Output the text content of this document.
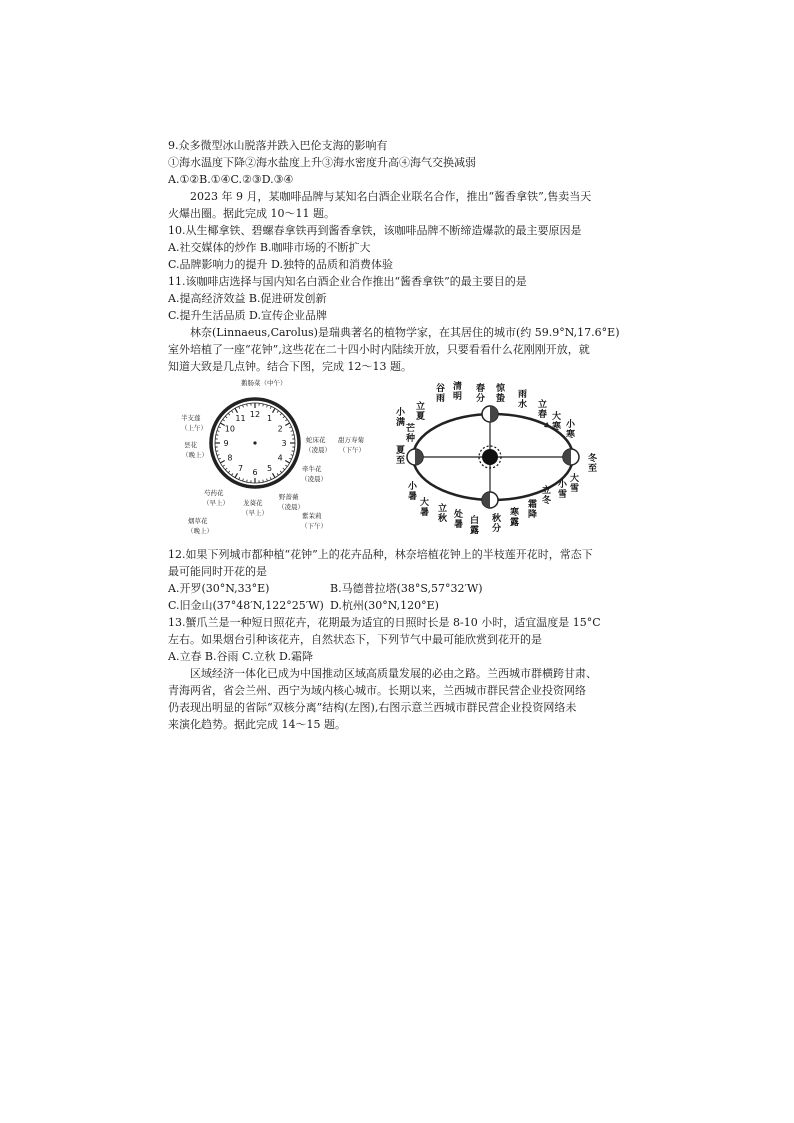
9.众多微型冰山脱落并跌入巴伦支海的影响有
①海水温度下降②海水盐度上升③海水密度升高④海气交换减弱
A.①②B.①④C.②③D.③④
2023 年 9 月，某咖啡品牌与某知名白酒企业联名合作，推出“酱香拿铁”,售卖当天
火爆出圈。据此完成 10～11 题。
10.从生椰拿铁、碧螺春拿铁再到酱香拿铁，该咖啡品牌不断缔造爆款的最主要原因是
A.社交媒体的炒作 B.咖啡市场的不断扩大
C.品牌影响力的提升 D.独特的品质和消费体验
11.该咖啡店选择与国内知名白酒企业合作推出“酱香拿铁”的最主要目的是
A.提高经济效益 B.促进研发创新
C.提升生活品质 D.宣传企业品牌
林奈(Linnaeus,Carolus)是瑞典著名的植物学家，在其居住的城市(约 59.9°N,17.6°E)
室外培植了一座“花钟”,这些花在二十四小时内陆续开放，只要看看什么花刚刚开放，就
知道大致是几点钟。结合下图，完成 12～13 题。
12 1
2
3
4
5
6
7
8
9
10
11
鹅肠菜（中午）
半支莲
（上午）
昙花
（晚上）
蛇床花
（凌晨）
甜万寿菊
（下午）
牵牛花
（凌晨）
芍药花
（早上） 龙葵花
（早上）
野蔷薇
（凌晨）
烟草花
（晚上）
紫茉莉
（下午）
春分
清明
谷雨
立夏
小满
芒种
夏至
小暑
大暑 立秋 处暑 白露
秋分
寒露
霜降
立冬
小雪
大雪
冬至
小寒
大寒
立春
雨水
惊蛰
12.如果下列城市都种植“花钟”上的花卉品种，林奈培植花钟上的半枝莲开花时，常态下
最可能同时开花的是
A.开罗(30°N,33°E)	B.马德普拉塔(38°S,57°32′W)
C.旧金山(37°48′N,122°25′W) D.杭州(30°N,120°E)
13.蟹爪兰是一种短日照花卉，花期最为适宜的日照时长是 8-10 小时，适宜温度是 15°C
左右。如果烟台引种该花卉，自然状态下，下列节气中最可能欣赏到花开的是
A.立春 B.谷雨 C.立秋 D.霜降
区域经济一体化已成为中国推动区域高质量发展的必由之路。兰西城市群横跨甘肃、
青海两省，省会兰州、西宁为域内核心城市。长期以来，兰西城市群民营企业投资网络
仍表现出明显的省际“双核分离”结构(左图),右图示意兰西城市群民营企业投资网络未
来演化趋势。据此完成 14～15 题。
